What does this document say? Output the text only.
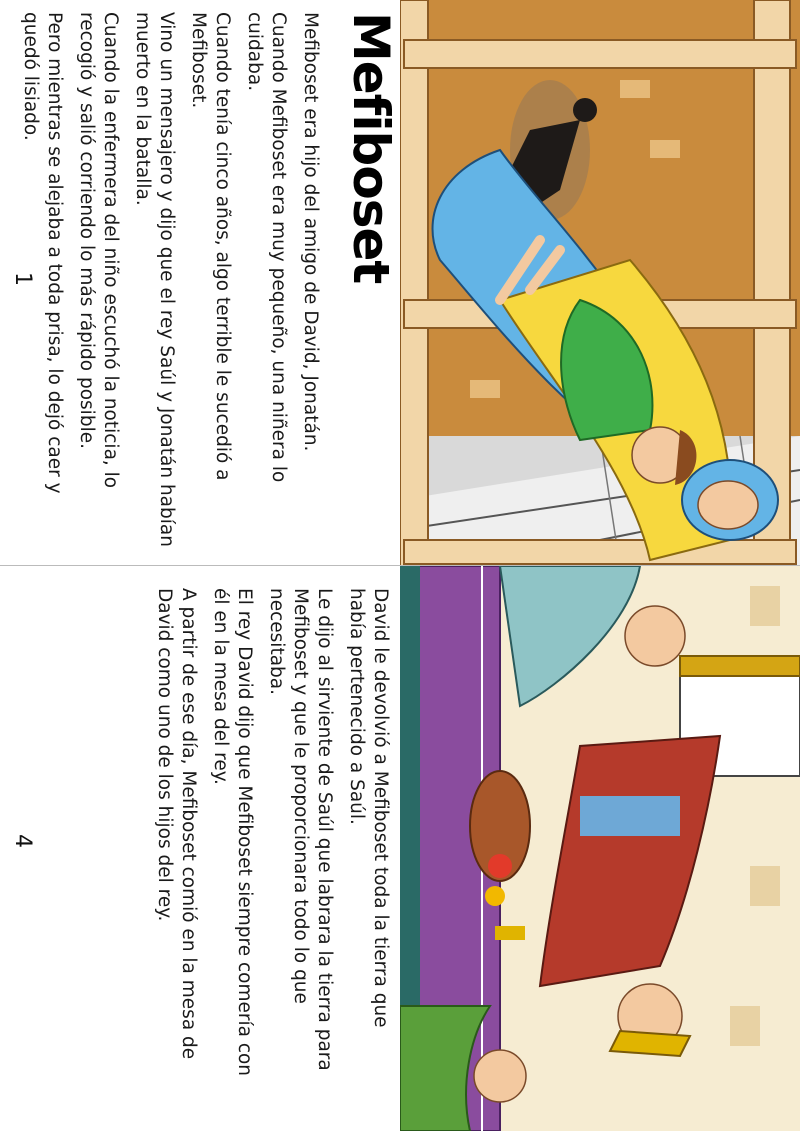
Mefiboset

Mefiboset era hijo del amigo de David, Jonatán.

Cuando Mefiboset era muy pequeño, una niñera lo cuidaba.

Cuando tenía cinco años, algo terrible le sucedió a Mefiboset.

Vino un mensajero y dijo que el rey Saúl y Jonatán habían muerto en la batalla.

Cuando la enfermera del niño escuchó la noticia, lo recogió y salió corriendo lo más rápido posible.

Pero mientras se alejaba a toda prisa, lo dejó caer y quedó lisiado.

1

David le devolvió a Mefiboset toda la tierra que había pertenecido a Saúl.

Le dijo al sirviente de Saúl que labrara la tierra para Mefiboset y que le proporcionara todo lo que necesitaba.

El rey David dijo que Mefiboset siempre comería con él en la mesa del rey.

A partir de ese día, Mefiboset comió en la mesa de David como uno de los hijos del rey.

4
